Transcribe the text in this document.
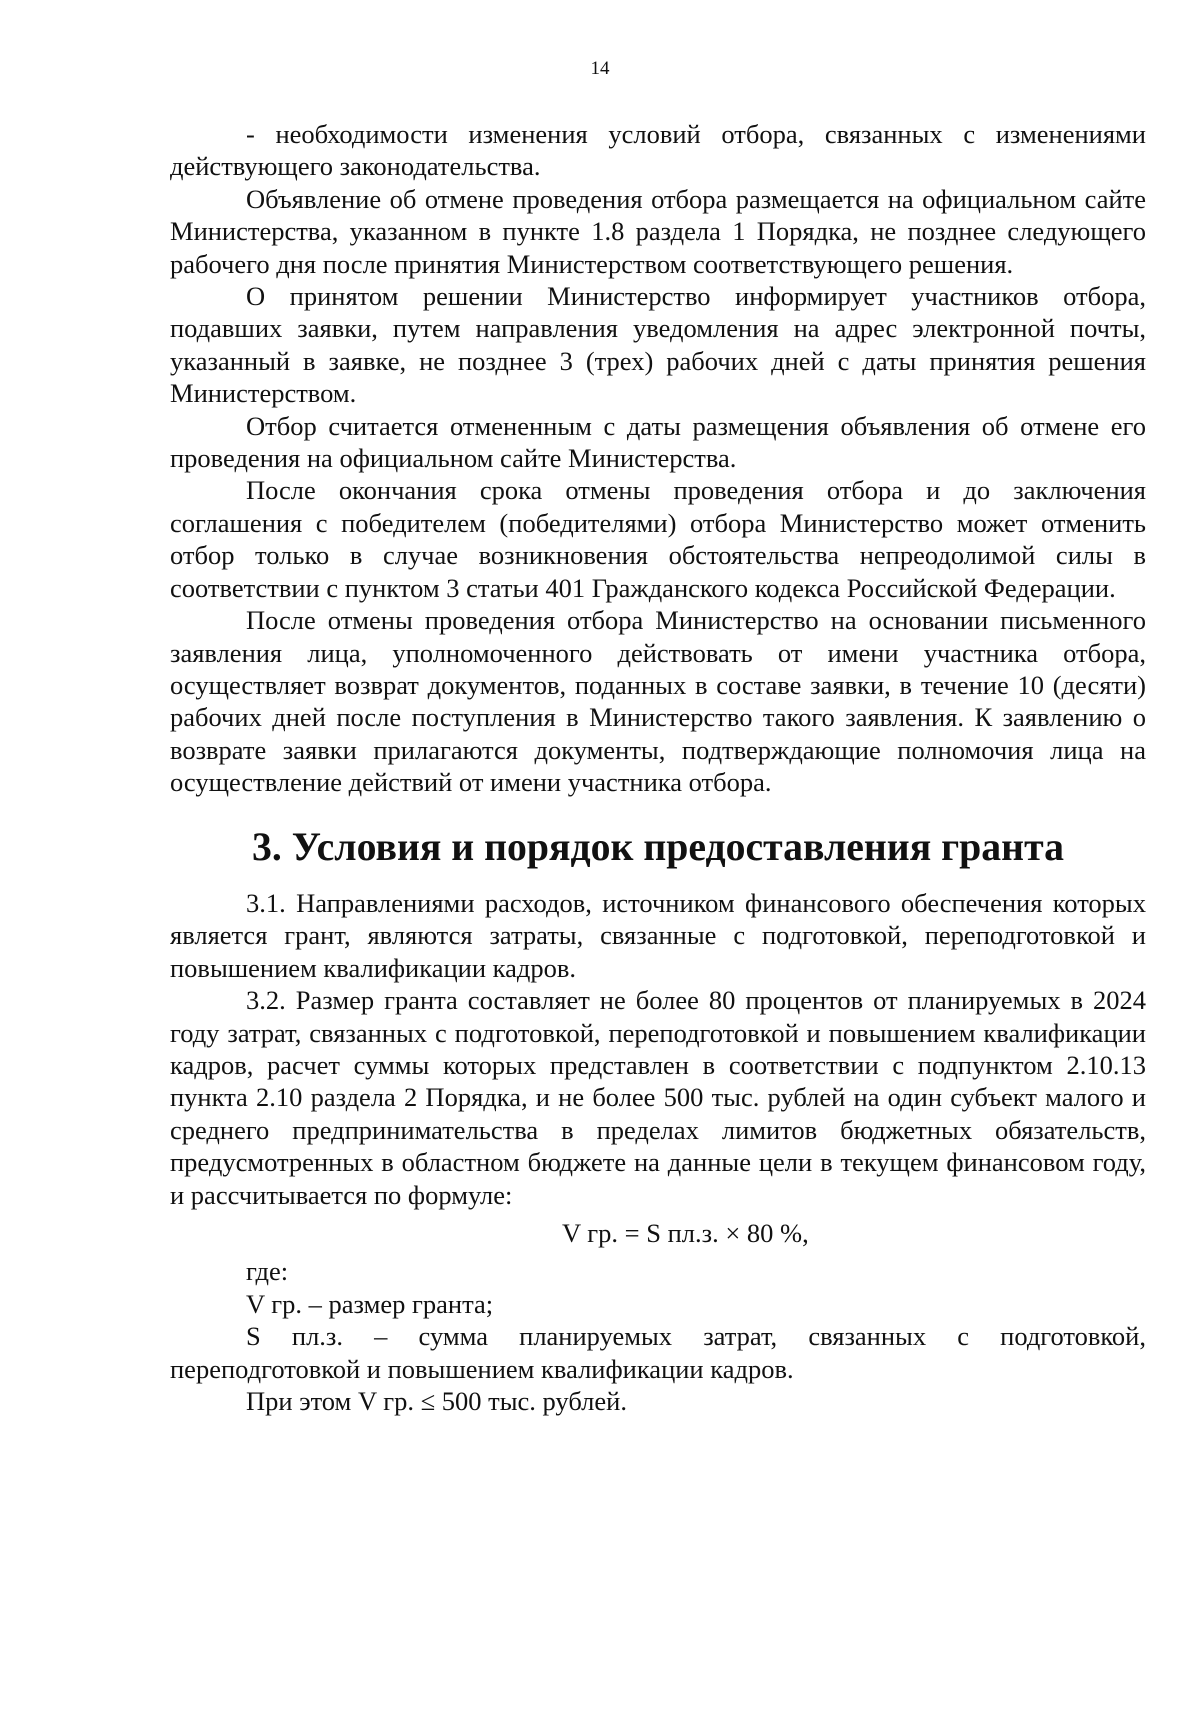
14

- необходимости изменения условий отбора, связанных с изменениями действующего законодательства.

Объявление об отмене проведения отбора размещается на официальном сайте Министерства, указанном в пункте 1.8 раздела 1 Порядка, не позднее следующего рабочего дня после принятия Министерством соответствующего решения.

О принятом решении Министерство информирует участников отбора, подавших заявки, путем направления уведомления на адрес электронной почты, указанный в заявке, не позднее 3 (трех) рабочих дней с даты принятия решения Министерством.

Отбор считается отмененным с даты размещения объявления об отмене его проведения на официальном сайте Министерства.

После окончания срока отмены проведения отбора и до заключения соглашения с победителем (победителями) отбора Министерство может отменить отбор только в случае возникновения обстоятельства непреодолимой силы в соответствии с пунктом 3 статьи 401 Гражданского кодекса Российской Федерации.

После отмены проведения отбора Министерство на основании письменного заявления лица, уполномоченного действовать от имени участника отбора, осуществляет возврат документов, поданных в составе заявки, в течение 10 (десяти) рабочих дней после поступления в Министерство такого заявления. К заявлению о возврате заявки прилагаются документы, подтверждающие полномочия лица на осуществление действий от имени участника отбора.

3. Условия и порядок предоставления гранта

3.1. Направлениями расходов, источником финансового обеспечения которых является грант, являются затраты, связанные с подготовкой, переподготовкой и повышением квалификации кадров.

3.2. Размер гранта составляет не более 80 процентов от планируемых в 2024 году затрат, связанных с подготовкой, переподготовкой и повышением квалификации кадров, расчет суммы которых представлен в соответствии с подпунктом 2.10.13 пункта 2.10 раздела 2 Порядка, и не более 500 тыс. рублей на один субъект малого и среднего предпринимательства в пределах лимитов бюджетных обязательств, предусмотренных в областном бюджете на данные цели в текущем финансовом году, и рассчитывается по формуле:

V гр. = S пл.з. × 80 %,

где:

V гр. – размер гранта;

S пл.з. – сумма планируемых затрат, связанных с подготовкой, переподготовкой и повышением квалификации кадров.

При этом V гр. ≤ 500 тыс. рублей.
